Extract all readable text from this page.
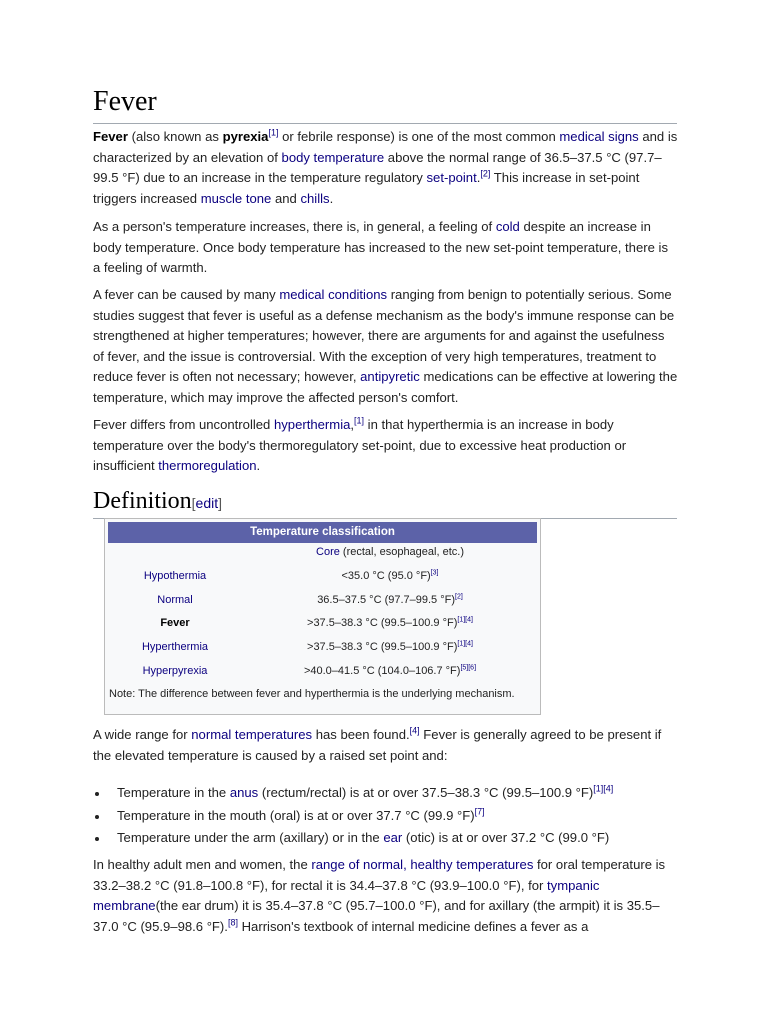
Fever

Fever (also known as pyrexia[1] or febrile response) is one of the most common medical signs and is characterized by an elevation of body temperature above the normal range of 36.5–37.5 °C (97.7–99.5 °F) due to an increase in the temperature regulatory set-point.[2] This increase in set-point triggers increased muscle tone and chills.

As a person's temperature increases, there is, in general, a feeling of cold despite an increase in body temperature. Once body temperature has increased to the new set-point temperature, there is a feeling of warmth.

A fever can be caused by many medical conditions ranging from benign to potentially serious. Some studies suggest that fever is useful as a defense mechanism as the body's immune response can be strengthened at higher temperatures; however, there are arguments for and against the usefulness of fever, and the issue is controversial. With the exception of very high temperatures, treatment to reduce fever is often not necessary; however, antipyretic medications can be effective at lowering the temperature, which may improve the affected person's comfort.

Fever differs from uncontrolled hyperthermia,[1] in that hyperthermia is an increase in body temperature over the body's thermoregulatory set-point, due to excessive heat production or insufficient thermoregulation.

Definition[edit]
Temperature classification
Core (rectal, esophageal, etc.)
Hypothermia	<35.0 °C (95.0 °F)[3]
Normal	36.5–37.5 °C (97.7–99.5 °F)[2]
Fever	>37.5–38.3 °C (99.5–100.9 °F)[1][4]
Hyperthermia	>37.5–38.3 °C (99.5–100.9 °F)[1][4]
Hyperpyrexia	>40.0–41.5 °C (104.0–106.7 °F)[5][6]
Note: The difference between fever and hyperthermia is the underlying mechanism.

A wide range for normal temperatures has been found.[4] Fever is generally agreed to be present if the elevated temperature is caused by a raised set point and:

Temperature in the anus (rectum/rectal) is at or over 37.5–38.3 °C (99.5–100.9 °F)[1][4]
Temperature in the mouth (oral) is at or over 37.7 °C (99.9 °F)[7]
Temperature under the arm (axillary) or in the ear (otic) is at or over 37.2 °C (99.0 °F)

In healthy adult men and women, the range of normal, healthy temperatures for oral temperature is 33.2–38.2 °C (91.8–100.8 °F), for rectal it is 34.4–37.8 °C (93.9–100.0 °F), for tympanic membrane(the ear drum) it is 35.4–37.8 °C (95.7–100.0 °F), and for axillary (the armpit) it is 35.5–37.0 °C (95.9–98.6 °F).[8] Harrison's textbook of internal medicine defines a fever as a
